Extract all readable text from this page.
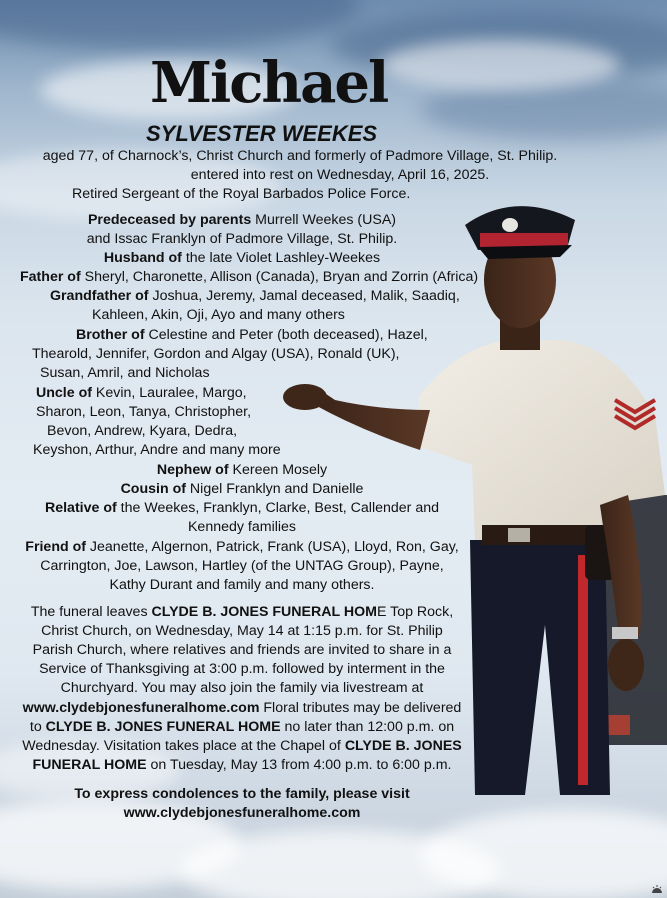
Michael
SYLVESTER WEEKES
aged 77, of Charnock’s, Christ Church and formerly of Padmore Village, St. Philip.
entered into rest on Wednesday, April 16, 2025.
Retired Sergeant of the Royal Barbados Police Force.
Predeceased by parents Murrell Weekes (USA)
and Issac Franklyn of Padmore Village, St. Philip.
Husband of the late Violet Lashley-Weekes
Father of Sheryl, Charonette, Allison (Canada), Bryan and Zorrin (Africa)
Grandfather of Joshua, Jeremy, Jamal deceased, Malik, Saadiq,
Kahleen, Akin, Oji, Ayo and many others
Brother of Celestine and Peter (both deceased), Hazel,
Thearold, Jennifer, Gordon and Algay (USA), Ronald (UK),
Susan, Amril, and Nicholas
Uncle of Kevin, Lauralee, Margo,
Sharon, Leon, Tanya, Christopher,
Bevon, Andrew, Kyara, Dedra,
Keyshon, Arthur, Andre and many more
Nephew of Kereen Mosely
Cousin of Nigel Franklyn and Danielle
Relative of the Weekes, Franklyn, Clarke, Best, Callender and
Kennedy families
Friend of Jeanette, Algernon, Patrick, Frank (USA), Lloyd, Ron, Gay,
Carrington, Joe, Lawson, Hartley (of the UNTAG Group), Payne,
Kathy Durant and family and many others.
The funeral leaves CLYDE B. JONES FUNERAL HOME Top Rock,
Christ Church, on Wednesday, May 14 at 1:15 p.m. for St. Philip
Parish Church, where relatives and friends are invited to share in a
Service of Thanksgiving at 3:00 p.m. followed by interment in the
Churchyard. You may also join the family via livestream at
www.clydebjonesfuneralhome.com Floral tributes may be delivered
to CLYDE B. JONES FUNERAL HOME no later than 12:00 p.m. on
Wednesday. Visitation takes place at the Chapel of CLYDE B. JONES
FUNERAL HOME on Tuesday, May 13 from 4:00 p.m. to 6:00 p.m.
To express condolences to the family, please visit
www.clydebjonesfuneralhome.com
